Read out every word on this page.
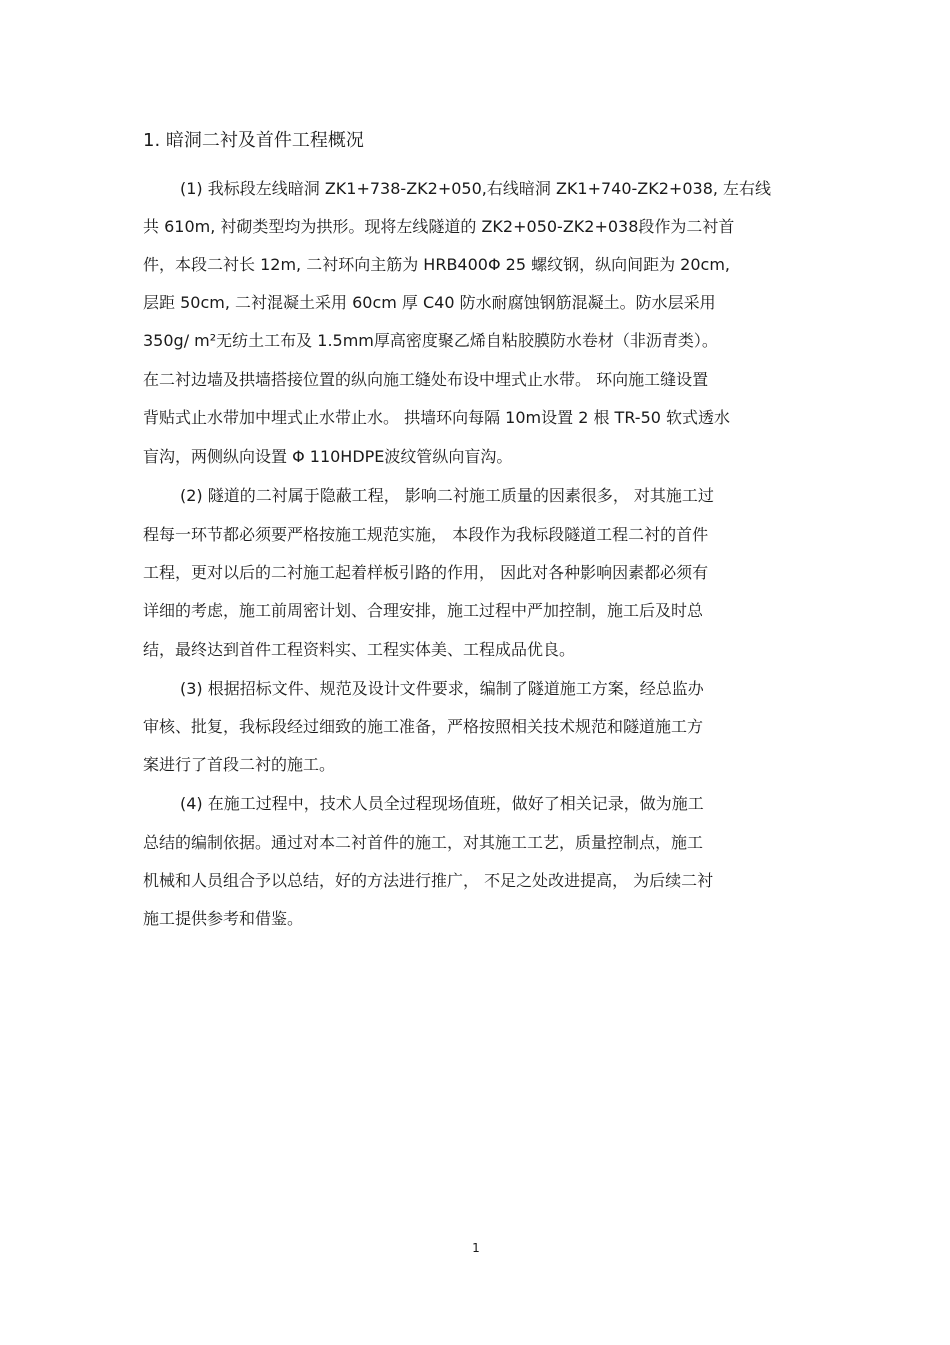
1. 暗洞二衬及首件工程概况
(1) 我标段左线暗洞 ZK1+738-ZK2+050,右线暗洞 ZK1+740-ZK2+038, 左右线
共 610m, 衬砌类型均为拱形。现将左线隧道的 ZK2+050-ZK2+038段作为二衬首
件，本段二衬长 12m, 二衬环向主筋为 HRB400Φ 25 螺纹钢，纵向间距为 20cm,
层距 50cm, 二衬混凝土采用 60cm 厚 C40 防水耐腐蚀钢筋混凝土。防水层采用
350g/ m²无纺土工布及 1.5mm厚高密度聚乙烯自粘胶膜防水卷材（非沥青类）。
在二衬边墙及拱墙搭接位置的纵向施工缝处布设中埋式止水带。 环向施工缝设置
背贴式止水带加中埋式止水带止水。 拱墙环向每隔 10m设置 2 根 TR-50 软式透水
盲沟，两侧纵向设置 Φ 110HDPE波纹管纵向盲沟。
(2) 隧道的二衬属于隐蔽工程， 影响二衬施工质量的因素很多， 对其施工过
程每一环节都必须要严格按施工规范实施， 本段作为我标段隧道工程二衬的首件
工程，更对以后的二衬施工起着样板引路的作用， 因此对各种影响因素都必须有
详细的考虑，施工前周密计划、合理安排，施工过程中严加控制，施工后及时总
结，最终达到首件工程资料实、工程实体美、工程成品优良。
(3) 根据招标文件、规范及设计文件要求，编制了隧道施工方案，经总监办
审核、批复，我标段经过细致的施工准备，严格按照相关技术规范和隧道施工方
案进行了首段二衬的施工。
(4) 在施工过程中，技术人员全过程现场值班，做好了相关记录，做为施工
总结的编制依据。通过对本二衬首件的施工，对其施工工艺，质量控制点，施工
机械和人员组合予以总结，好的方法进行推广， 不足之处改进提高， 为后续二衬
施工提供参考和借鉴。
1
